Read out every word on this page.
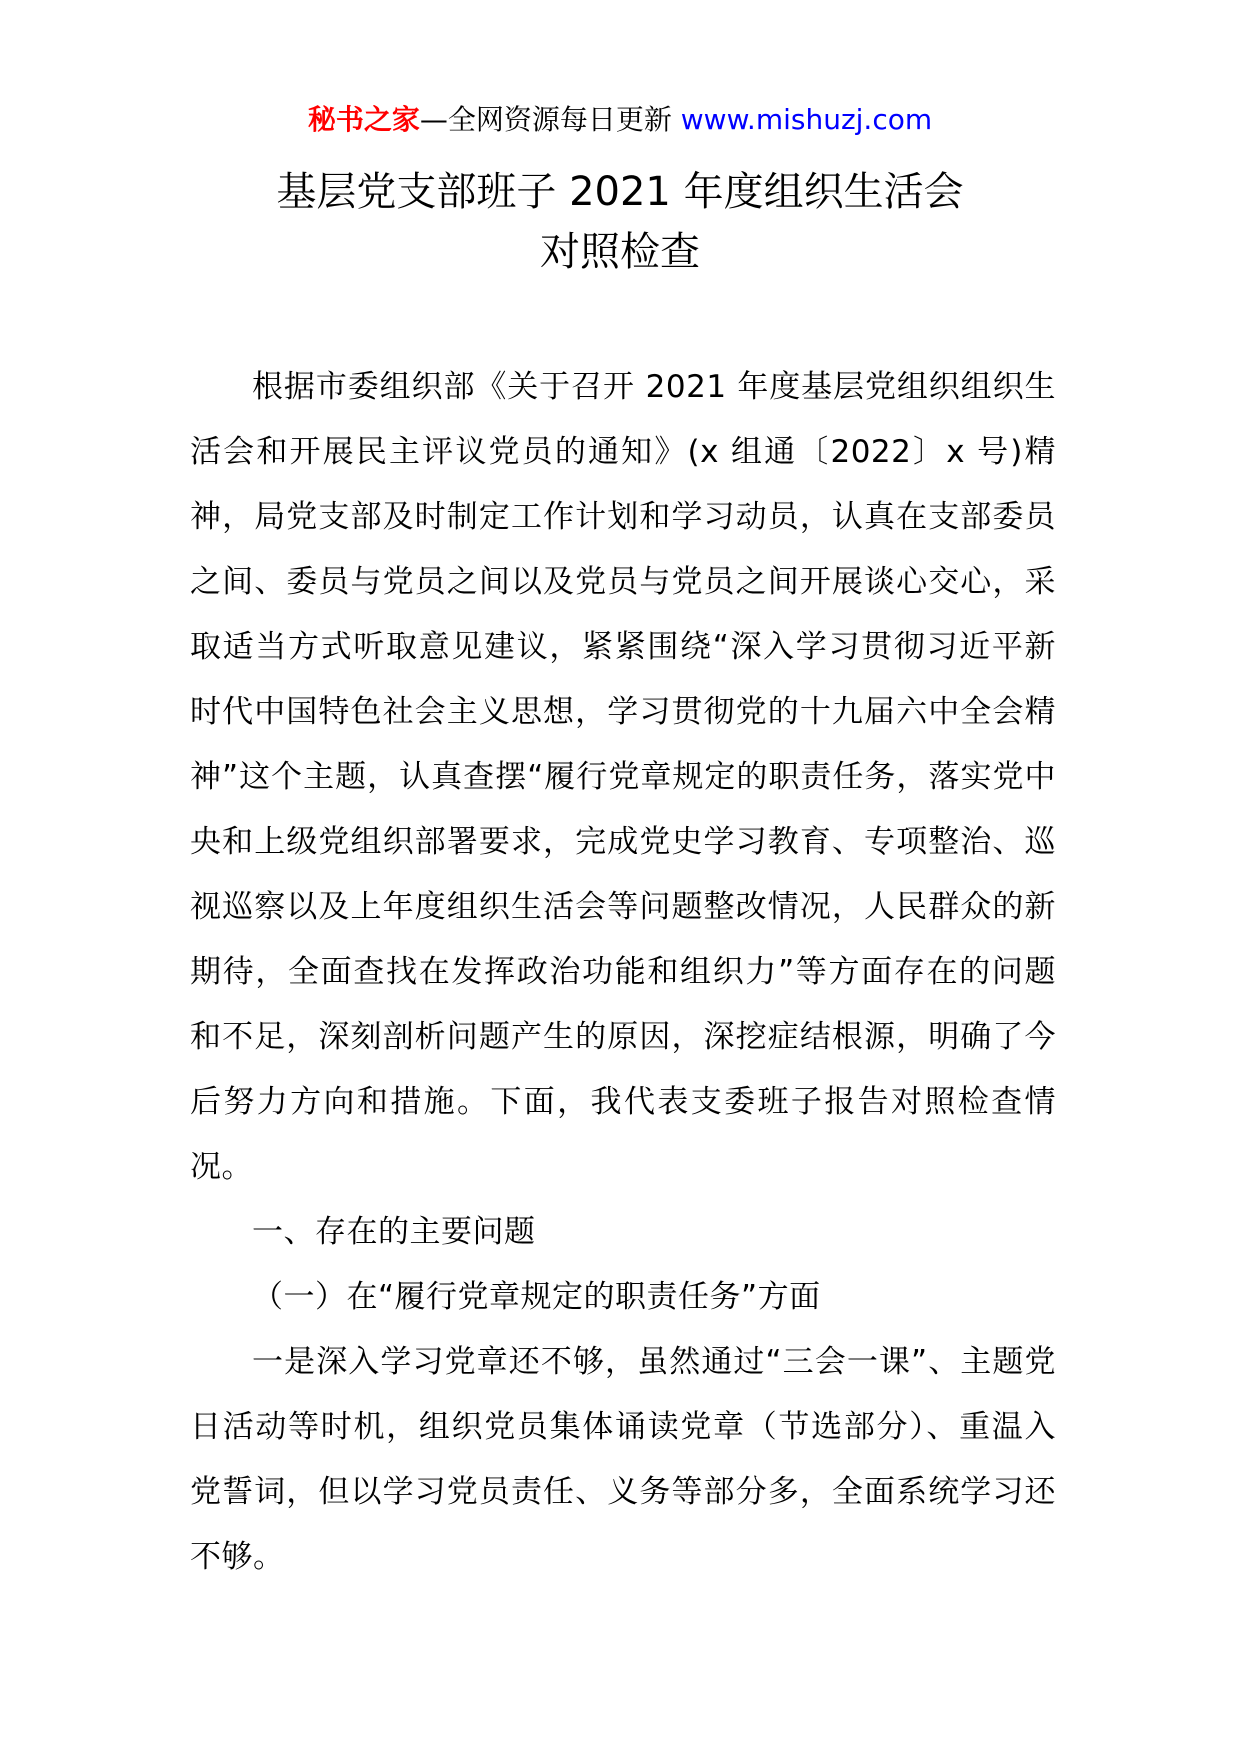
秘书之家—全网资源每日更新 www.mishuzj.com
基层党支部班子 2021 年度组织生活会
对照检查

根据市委组织部《关于召开 2021 年度基层党组织组织生活会和开展民主评议党员的通知》(x 组通〔2022〕x 号)精神，局党支部及时制定工作计划和学习动员，认真在支部委员之间、委员与党员之间以及党员与党员之间开展谈心交心，采取适当方式听取意见建议，紧紧围绕“深入学习贯彻习近平新时代中国特色社会主义思想，学习贯彻党的十九届六中全会精神”这个主题，认真查摆“履行党章规定的职责任务，落实党中央和上级党组织部署要求，完成党史学习教育、专项整治、巡视巡察以及上年度组织生活会等问题整改情况，人民群众的新期待，全面查找在发挥政治功能和组织力”等方面存在的问题和不足，深刻剖析问题产生的原因，深挖症结根源，明确了今后努力方向和措施。下面，我代表支委班子报告对照检查情况。

一、存在的主要问题

（一）在“履行党章规定的职责任务”方面

一是深入学习党章还不够，虽然通过“三会一课”、主题党日活动等时机，组织党员集体诵读党章（节选部分）、重温入党誓词，但以学习党员责任、义务等部分多，全面系统学习还不够。
